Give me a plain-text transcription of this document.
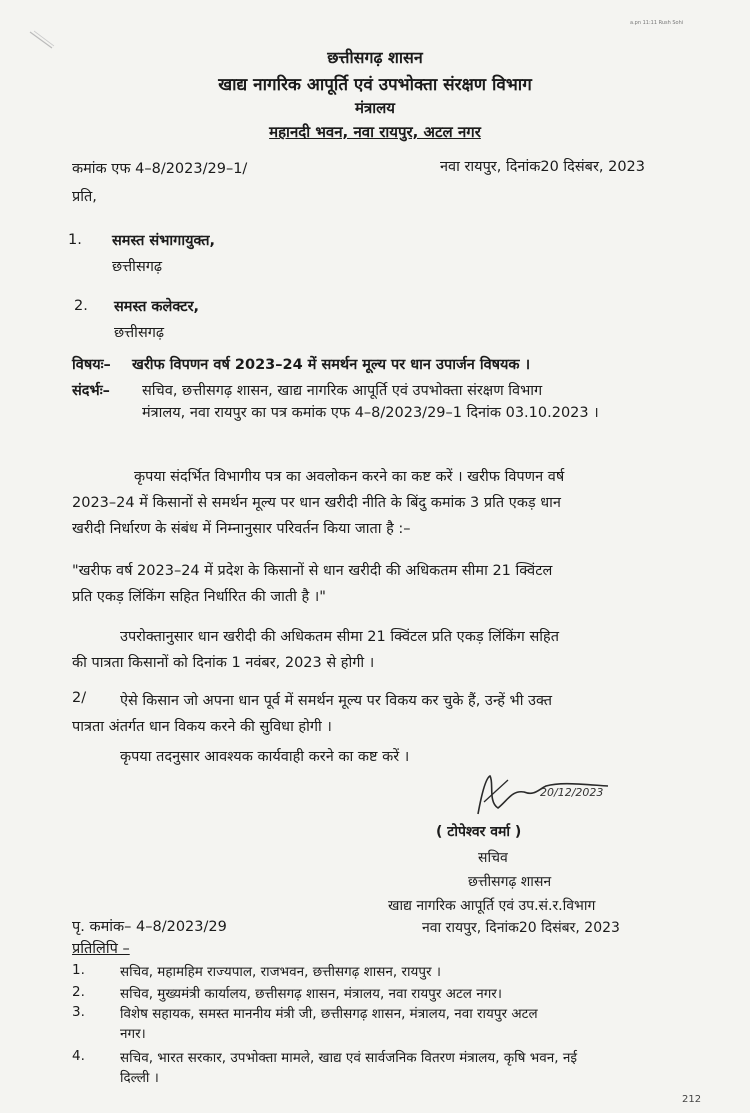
a.pn 11:11 Rush Sohi
छत्तीसगढ़ शासन
खाद्य नागरिक आपूर्ति एवं उपभोक्ता संरक्षण विभाग
मंत्रालय
महानदी भवन, नवा रायपुर, अटल नगर
कमांक एफ 4–8/2023/29–1/	नवा रायपुर, दिनांक20 दिसंबर, 2023
प्रति,
1. समस्त संभागायुक्त,
छत्तीसगढ़
2. समस्त कलेक्टर,
छत्तीसगढ़
विषयः– खरीफ विपणन वर्ष 2023–24 में समर्थन मूल्य पर धान उपार्जन विषयक ।
संदर्भः– सचिव, छत्तीसगढ़ शासन, खाद्य नागरिक आपूर्ति एवं उपभोक्ता संरक्षण विभाग
मंत्रालय, नवा रायपुर का पत्र कमांक एफ 4–8/2023/29–1 दिनांक 03.10.2023 ।
कृपया संदर्भित विभागीय पत्र का अवलोकन करने का कष्ट करें । खरीफ विपणन वर्ष
2023–24 में किसानों से समर्थन मूल्य पर धान खरीदी नीति के बिंदु कमांक 3 प्रति एकड़ धान
खरीदी निर्धारण के संबंध में निम्नानुसार परिवर्तन किया जाता है :–
"खरीफ वर्ष 2023–24 में प्रदेश के किसानों से धान खरीदी की अधिकतम सीमा 21 क्विंटल
प्रति एकड़ लिंकिंग सहित निर्धारित की जाती है ।"
उपरोक्तानुसार धान खरीदी की अधिकतम सीमा 21 क्विंटल प्रति एकड़ लिंकिंग सहित
की पात्रता किसानों को दिनांक 1 नवंबर, 2023 से होगी ।
2/ ऐसे किसान जो अपना धान पूर्व में समर्थन मूल्य पर विकय कर चुके हैं, उन्हें भी उक्त
पात्रता अंतर्गत धान विकय करने की सुविधा होगी ।
कृपया तदनुसार आवश्यक कार्यवाही करने का कष्ट करें ।
20/12/2023
( टोपेश्वर वर्मा )
सचिव
छत्तीसगढ़ शासन
खाद्य नागरिक आपूर्ति एवं उप.सं.र.विभाग
नवा रायपुर, दिनांक20 दिसंबर, 2023
पृ. कमांक– 4–8/2023/29
प्रतिलिपि –
1.	सचिव, महामहिम राज्यपाल, राजभवन, छत्तीसगढ़ शासन, रायपुर ।
2.	सचिव, मुख्यमंत्री कार्यालय, छत्तीसगढ़ शासन, मंत्रालय, नवा रायपुर अटल नगर।
3.	विशेष सहायक, समस्त माननीय मंत्री जी, छत्तीसगढ़ शासन, मंत्रालय, नवा रायपुर अटल
नगर।
4.	सचिव, भारत सरकार, उपभोक्ता मामले, खाद्य एवं सार्वजनिक वितरण मंत्रालय, कृषि भवन, नई
दिल्ली ।
212
